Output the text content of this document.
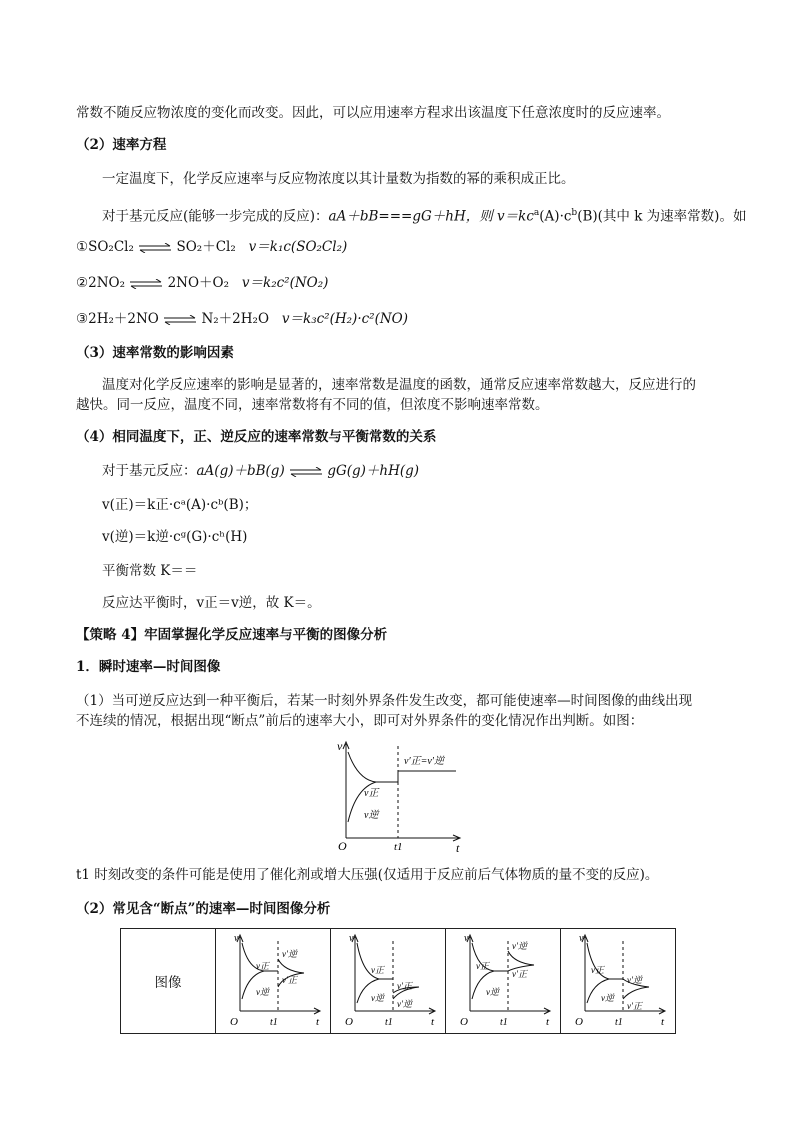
常数不随反应物浓度的变化而改变。因此，可以应用速率方程求出该温度下任意浓度时的反应速率。
（2）速率方程
一定温度下，化学反应速率与反应物浓度以其计量数为指数的幂的乘积成正比。
对于基元反应(能够一步完成的反应)：aA＋bB===gG＋hH，则 $v=kc^a(A)\cdot c^b(B)$(其中 k 为速率常数)。如
①SO₂Cl₂ ⇌ SO₂＋Cl₂ v＝k₁c(SO₂Cl₂)
②2NO₂ ⇌ 2NO＋O₂ v＝k₂c²(NO₂)
③2H₂＋2NO ⇌ N₂＋2H₂O v＝k₃c²(H₂)·c²(NO)
（3）速率常数的影响因素
温度对化学反应速率的影响是显著的，速率常数是温度的函数，通常反应速率常数越大，反应进行的
越快。同一反应，温度不同，速率常数将有不同的值，但浓度不影响速率常数。
（4）相同温度下，正、逆反应的速率常数与平衡常数的关系
对于基元反应：aA(g)＋bB(g) ⇌ gG(g)＋hH(g)
v(正)＝k正·cᵃ(A)·cᵇ(B)；
v(逆)＝k逆·cᵍ(G)·cʰ(H)
平衡常数 K＝＝
反应达平衡时，v正＝v逆，故 K＝。
【策略 4】牢固掌握化学反应速率与平衡的图像分析
1．瞬时速率—时间图像
（1）当可逆反应达到一种平衡后，若某一时刻外界条件发生改变，都可能使速率—时间图像的曲线出现
不连续的情况，根据出现“断点”前后的速率大小，即可对外界条件的变化情况作出判断。如图：
v
t
O	t1
v正
v逆
v′正=v′逆
t1 时刻改变的条件可能是使用了催化剂或增大压强(仅适用于反应前后气体物质的量不变的反应)。
（2）常见含“断点”的速率—时间图像分析
图像	
v
O	t1	t
v正
v逆
v′逆
v′正

v
O	t1	t
v正
v逆
v′正
v′逆

v
O	t1	t
v正
v逆
v′逆
v′正

v
O	t1	t
v正
v逆
v′逆
v′正
